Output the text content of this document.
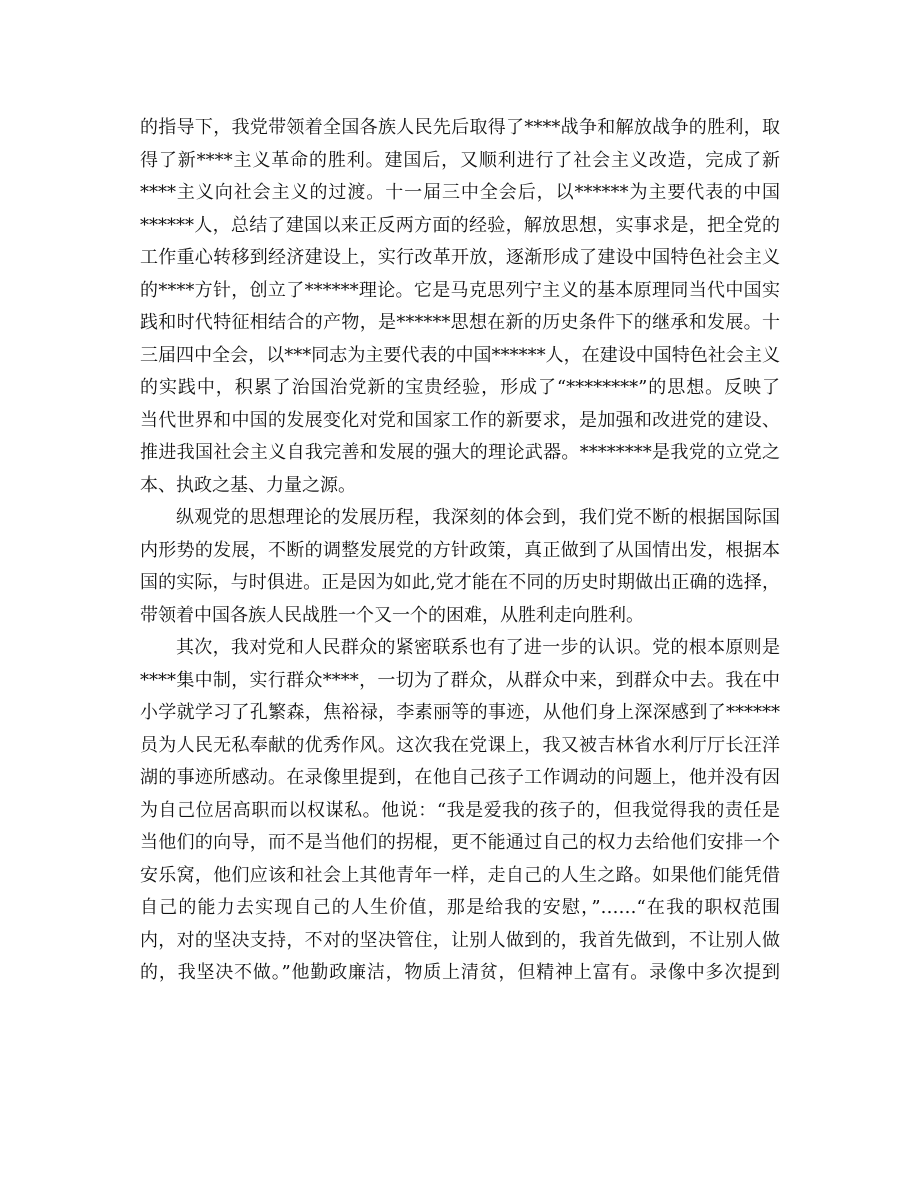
的指导下，我党带领着全国各族人民先后取得了****战争和解放战争的胜利，取
得了新****主义革命的胜利。建国后，又顺利进行了社会主义改造，完成了新
****主义向社会主义的过渡。十一届三中全会后，以******为主要代表的中国
******人，总结了建国以来正反两方面的经验，解放思想，实事求是，把全党的
工作重心转移到经济建设上，实行改革开放，逐渐形成了建设中国特色社会主义
的****方针，创立了******理论。它是马克思列宁主义的基本原理同当代中国实
践和时代特征相结合的产物，是******思想在新的历史条件下的继承和发展。十
三届四中全会，以***同志为主要代表的中国******人，在建设中国特色社会主义
的实践中，积累了治国治党新的宝贵经验，形成了“********”的思想。反映了
当代世界和中国的发展变化对党和国家工作的新要求，是加强和改进党的建设、
推进我国社会主义自我完善和发展的强大的理论武器。********是我党的立党之
本、执政之基、力量之源。
纵观党的思想理论的发展历程，我深刻的体会到，我们党不断的根据国际国
内形势的发展，不断的调整发展党的方针政策，真正做到了从国情出发，根据本
国的实际，与时俱进。正是因为如此,党才能在不同的历史时期做出正确的选择，
带领着中国各族人民战胜一个又一个的困难，从胜利走向胜利。
其次，我对党和人民群众的紧密联系也有了进一步的认识。党的根本原则是
****集中制，实行群众****，一切为了群众，从群众中来，到群众中去。我在中
小学就学习了孔繁森，焦裕禄，李素丽等的事迹，从他们身上深深感到了******
员为人民无私奉献的优秀作风。这次我在党课上，我又被吉林省水利厅厅长汪洋
湖的事迹所感动。在录像里提到，在他自己孩子工作调动的问题上，他并没有因
为自己位居高职而以权谋私。他说：“我是爱我的孩子的，但我觉得我的责任是
当他们的向导，而不是当他们的拐棍，更不能通过自己的权力去给他们安排一个
安乐窝，他们应该和社会上其他青年一样，走自己的人生之路。如果他们能凭借
自己的能力去实现自己的人生价值，那是给我的安慰，”……“在我的职权范围
内，对的坚决支持，不对的坚决管住，让别人做到的，我首先做到，不让别人做
的，我坚决不做。”他勤政廉洁，物质上清贫，但精神上富有。录像中多次提到
